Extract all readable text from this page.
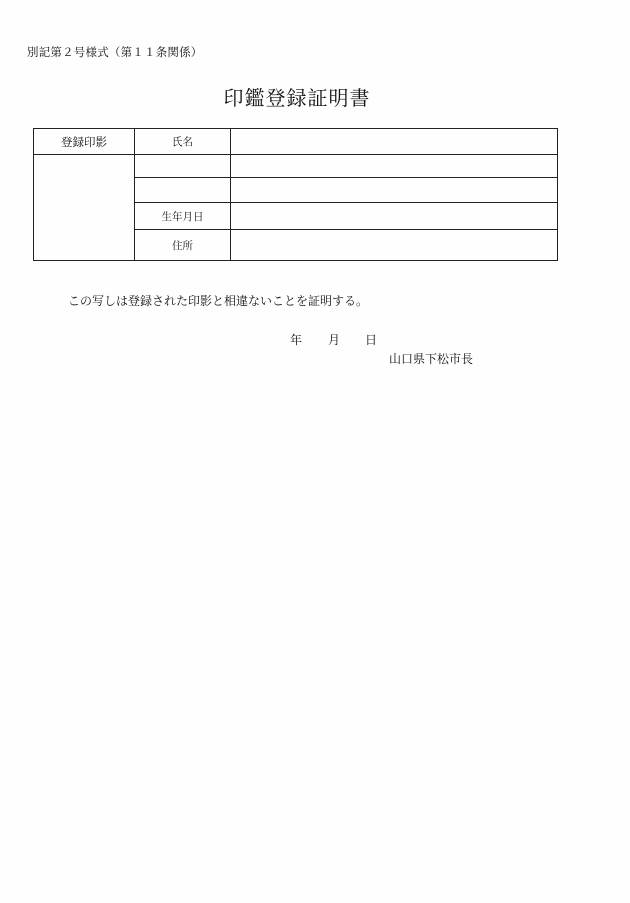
別記第２号様式（第１１条関係）
印鑑登録証明書
登録印影	氏名	

	生年月日	
	住所	
この写しは登録された印影と相違ないことを証明する。
年	月	日
山口県下松市長
